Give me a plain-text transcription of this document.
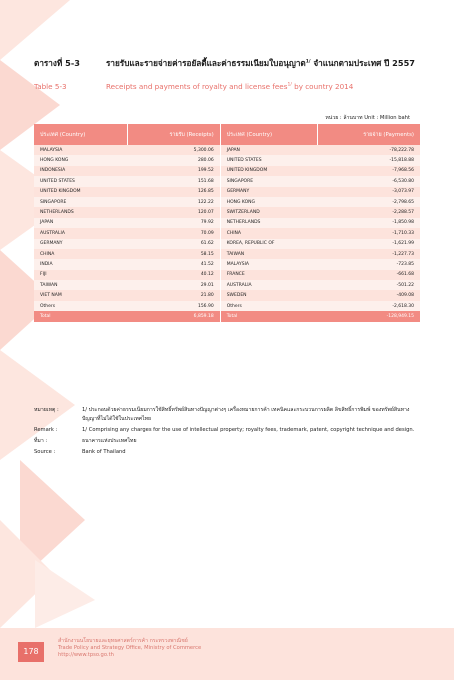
ตารางที่ 5-3	รายรับและรายจ่ายค่ารอยัลตี้และค่าธรรมเนียมใบอนุญาต$^{1/}$ จำแนกตามประเทศ ปี 2557
Table 5-3	Receipts and payments of royalty and license fees$^{1/}$ by country 2014
หน่วย : ล้านบาท Unit : Million baht
ประเทศ (Country)	รายรับ (Receipts)	ประเทศ (Country)	รายจ่าย (Payments)
MALAYSIA	5,300.06	JAPAN	-78,222.78
HONG KONG	280.06	UNITED STATES	-15,818.88
INDONESIA	199.52	UNITED KINGDOM	-7,968.56
UNITED STATES	151.68	SINGAPORE	-6,530.80
UNITED KINGDOM	126.85	GERMANY	-3,073.97
SINGAPORE	122.22	HONG KONG	-2,798.65
NETHERLANDS	120.07	SWITZERLAND	-2,288.57
JAPAN	79.92	NETHERLANDS	-1,850.98
AUSTRALIA	70.09	CHINA	-1,710.33
GERMANY	61.62	KOREA, REPUBLIC OF	-1,621.99
CHINA	58.15	TAIWAN	-1,227.73
INDIA	41.52	MALAYSIA	-723.85
FIJI	40.12	FRANCE	-661.68
TAIWAN	29.01	AUSTRALIA	-501.22
VIET NAM	21.80	SWEDEN	-409.08
Others	156.90	Others	-2,618.30
Total	6,859.18	Total	-128,949.15
หมายเหตุ :	1/ ประกอบด้วยค่าธรรมเนียมการใช้สิทธิ์ทรัพย์สินทางปัญญาต่างๆ เครื่องหมายการค้า เทคนิคและกระบวนการผลิต ลิขสิทธิ์การพิมพ์ ของทรัพย์สินทางปัญญาที่ไม่ได้ใช้ในประเทศไทย
Remark :	1/ Comprising any charges for the use of intellectual property; royalty fees, trademark, patent, copyright technique and design.
ที่มา :	ธนาคารแห่งประเทศไทย
Source :	Bank of Thailand
178
สำนักงานนโยบายและยุทธศาสตร์การค้า กระทรวงพาณิชย์
Trade Policy and Strategy Office, Ministry of Commerce
http://www.tpso.go.th
